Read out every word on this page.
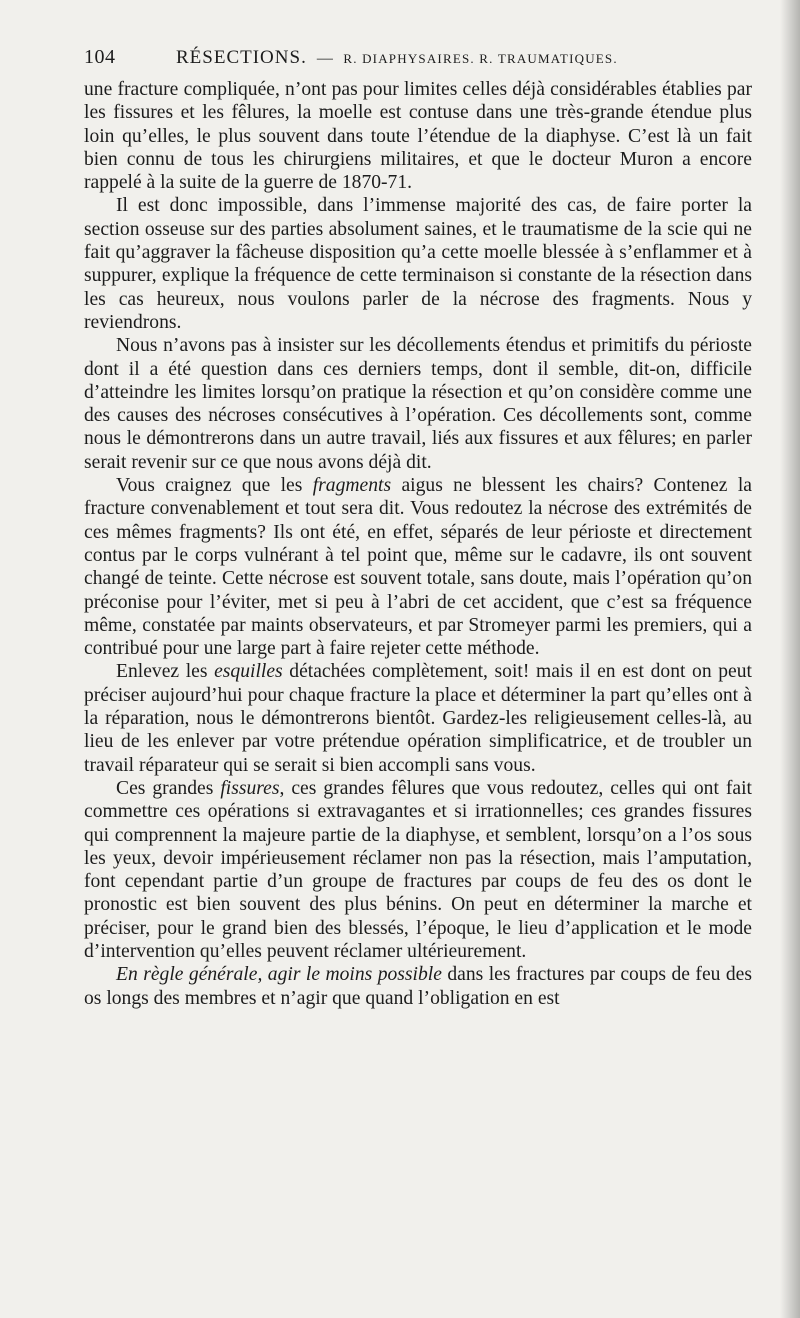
104	RÉSECTIONS. — R. DIAPHYSAIRES. R. TRAUMATIQUES.

une fracture compliquée, n’ont pas pour limites celles déjà considérables établies par les fissures et les fêlures, la moelle est contuse dans une très-grande étendue plus loin qu’elles, le plus souvent dans toute l’étendue de la diaphyse. C’est là un fait bien connu de tous les chirurgiens militaires, et que le docteur Muron a encore rappelé à la suite de la guerre de 1870-71.

Il est donc impossible, dans l’immense majorité des cas, de faire porter la section osseuse sur des parties absolument saines, et le traumatisme de la scie qui ne fait qu’aggraver la fâcheuse disposition qu’a cette moelle blessée à s’enflammer et à suppurer, explique la fréquence de cette terminaison si constante de la résection dans les cas heureux, nous voulons parler de la nécrose des fragments. Nous y reviendrons.

Nous n’avons pas à insister sur les décollements étendus et primitifs du périoste dont il a été question dans ces derniers temps, dont il semble, dit-on, difficile d’atteindre les limites lorsqu’on pratique la résection et qu’on considère comme une des causes des nécroses consécutives à l’opération. Ces décollements sont, comme nous le démontrerons dans un autre travail, liés aux fissures et aux fêlures; en parler serait revenir sur ce que nous avons déjà dit.

Vous craignez que les fragments aigus ne blessent les chairs? Contenez la fracture convenablement et tout sera dit. Vous redoutez la nécrose des extrémités de ces mêmes fragments? Ils ont été, en effet, séparés de leur périoste et directement contus par le corps vulnérant à tel point que, même sur le cadavre, ils ont souvent changé de teinte. Cette nécrose est souvent totale, sans doute, mais l’opération qu’on préconise pour l’éviter, met si peu à l’abri de cet accident, que c’est sa fréquence même, constatée par maints observateurs, et par Stromeyer parmi les premiers, qui a contribué pour une large part à faire rejeter cette méthode.

Enlevez les esquilles détachées complètement, soit! mais il en est dont on peut préciser aujourd’hui pour chaque fracture la place et déterminer la part qu’elles ont à la réparation, nous le démontrerons bientôt. Gardez-les religieusement celles-là, au lieu de les enlever par votre prétendue opération simplificatrice, et de troubler un travail réparateur qui se serait si bien accompli sans vous.

Ces grandes fissures, ces grandes fêlures que vous redoutez, celles qui ont fait commettre ces opérations si extravagantes et si irrationnelles; ces grandes fissures qui comprennent la majeure partie de la diaphyse, et semblent, lorsqu’on a l’os sous les yeux, devoir impérieusement réclamer non pas la résection, mais l’amputation, font cependant partie d’un groupe de fractures par coups de feu des os dont le pronostic est bien souvent des plus bénins. On peut en déterminer la marche et préciser, pour le grand bien des blessés, l’époque, le lieu d’application et le mode d’intervention qu’elles peuvent réclamer ultérieurement.

En règle générale, agir le moins possible dans les fractures par coups de feu des os longs des membres et n’agir que quand l’obligation en est
